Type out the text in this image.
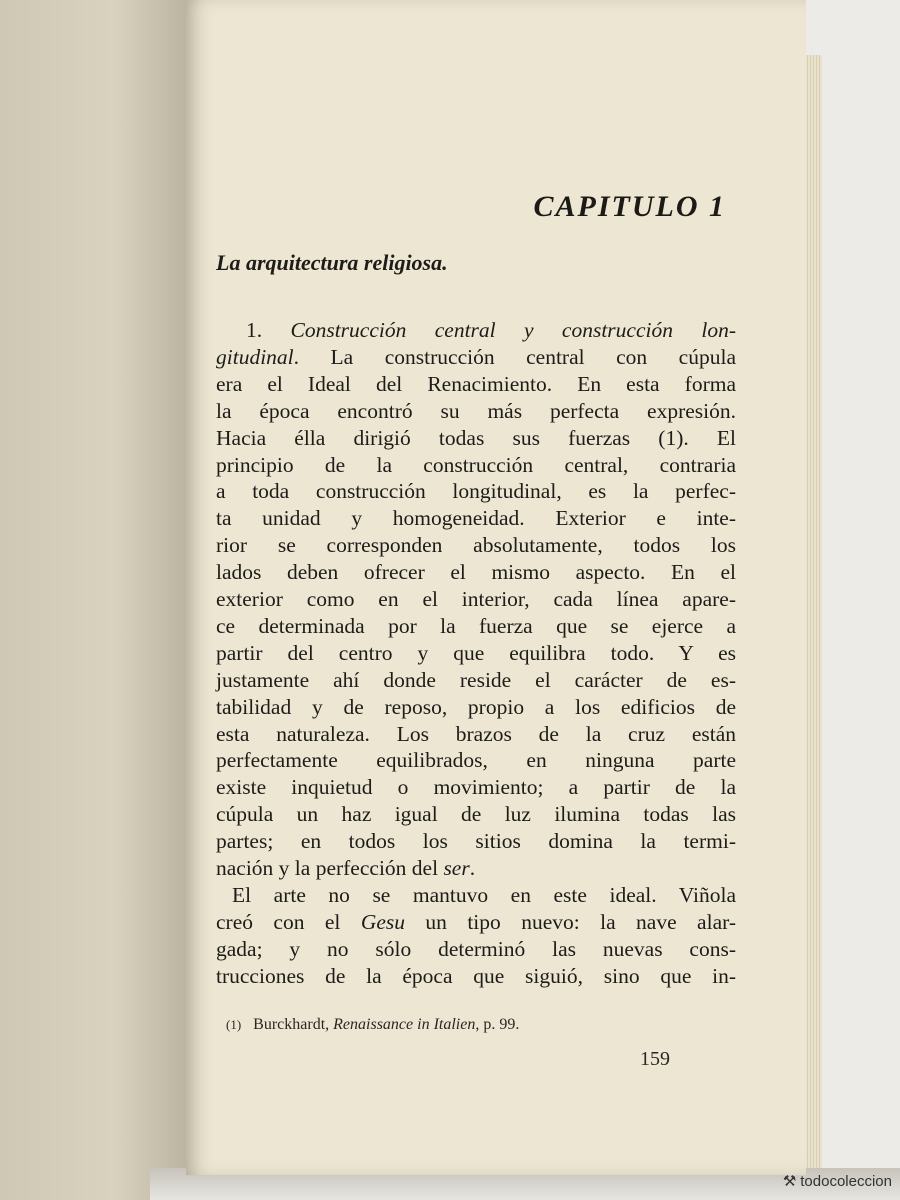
CAPITULO 1
La arquitectura religiosa.
1. Construcción central y construcción lon-
gitudinal. La construcción central con cúpula
era el Ideal del Renacimiento. En esta forma
la época encontró su más perfecta expresión.
Hacia élla dirigió todas sus fuerzas (1). El
principio de la construcción central, contraria
a toda construcción longitudinal, es la perfec-
ta unidad y homogeneidad. Exterior e inte-
rior se corresponden absolutamente, todos los
lados deben ofrecer el mismo aspecto. En el
exterior como en el interior, cada línea apare-
ce determinada por la fuerza que se ejerce a
partir del centro y que equilibra todo. Y es
justamente ahí donde reside el carácter de es-
tabilidad y de reposo, propio a los edificios de
esta naturaleza. Los brazos de la cruz están
perfectamente equilibrados, en ninguna parte
existe inquietud o movimiento; a partir de la
cúpula un haz igual de luz ilumina todas las
partes; en todos los sitios domina la termi-
nación y la perfección del ser.
El arte no se mantuvo en este ideal. Viñola
creó con el Gesu un tipo nuevo: la nave alar-
gada; y no sólo determinó las nuevas cons-
trucciones de la época que siguió, sino que in-

(1) Burckhardt, Renaissance in Italien, p. 99.

159

⚒ todocoleccion
